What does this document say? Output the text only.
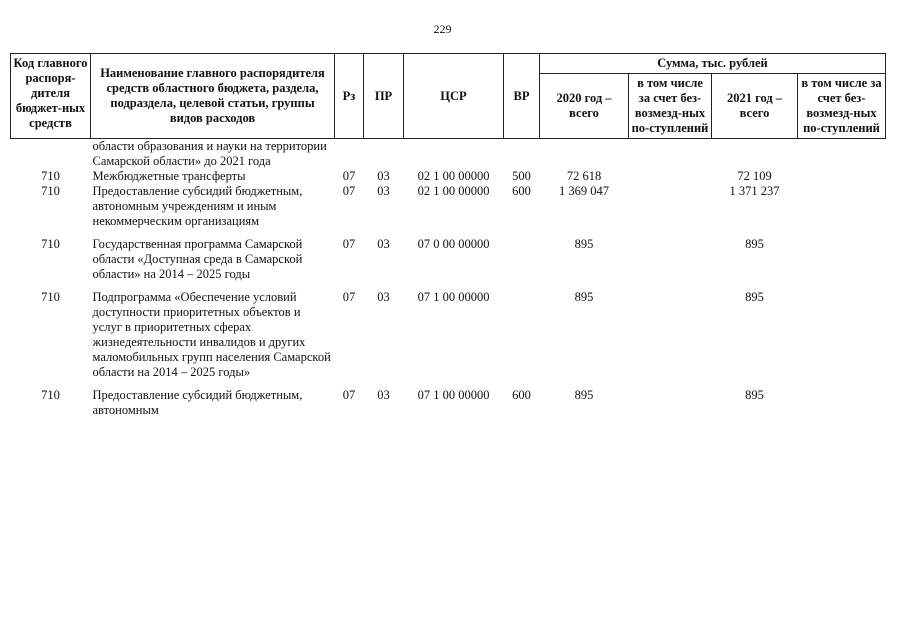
229
Код главного распоря-дителя бюджет-ных средств	Наименование главного распорядителя средств областного бюджета, раздела, подраздела, целевой статьи, группы видов расходов	Рз	ПР	ЦСР	ВР	Сумма, тыс. рублей			
						2020 год – всего	в том числе за счет без-возмезд-ных по-ступлений	2021 год – всего	в том числе за счет без-возмезд-ных по-ступлений
	области образования и науки на территории Самарской области» до 2021 года								
710	Межбюджетные трансферты	07	03	02 1 00 00000	500	72 618		72 109	
710	Предоставление субсидий бюджетным, автономным учреждениям и иным некоммерческим организациям	07	03	02 1 00 00000	600	1 369 047		1 371 237	

710	Государственная программа Самарской области «Доступная среда в Самарской области» на 2014 – 2025 годы	07	03	07 0 00 00000		895		895	

710	Подпрограмма «Обеспечение условий доступности приоритетных объектов и услуг в приоритетных сферах жизнедеятельности инвалидов и других маломобильных групп населения Самарской области на 2014 – 2025 годы»	07	03	07 1 00 00000		895		895	

710	Предоставление субсидий бюджетным, автономным	07	03	07 1 00 00000	600	895		895	
